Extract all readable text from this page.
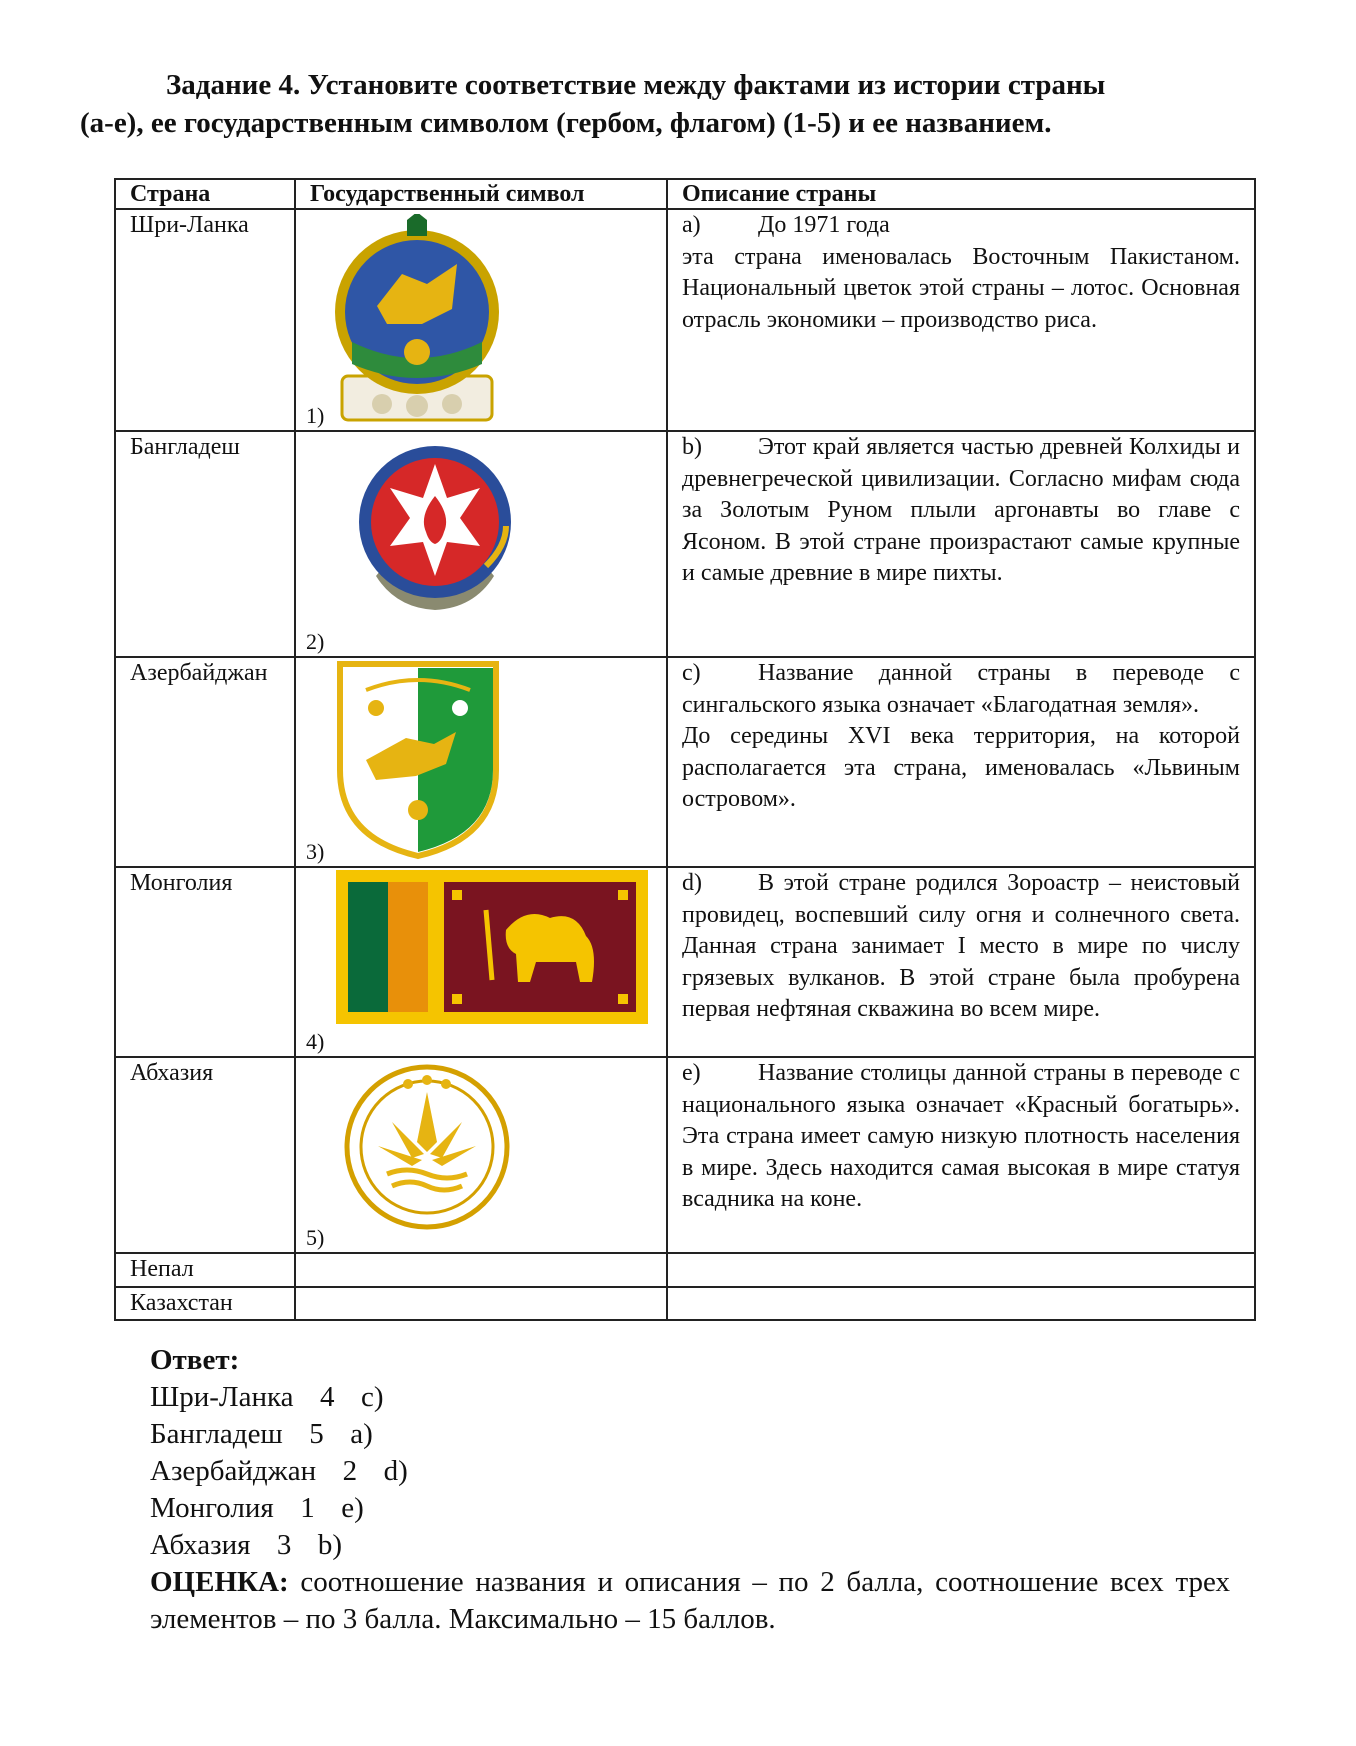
Задание 4. Установите соответствие между фактами из истории страны
(a-e), ее государственным символом (гербом, флагом) (1-5) и ее названием.
Страна	Государственный символ	Описание страны
Шри-Ланка	1)	a) До 1971 года
эта страна именовалась Восточным Пакистаном. Национальный цветок этой страны – лотос. Основная отрасль экономики – производство риса.
Бангладеш	2)	b) Этот край является частью древней Колхиды и древнегреческой цивилизации. Согласно мифам сюда за Золотым Руном плыли аргонавты во главе с Ясоном. В этой стране произрастают самые крупные и самые древние в мире пихты.
Азербайджан	3)	c) Название данной страны в переводе с сингальского языка означает «Благодатная земля».
До середины XVI века территория, на которой располагается эта страна, именовалась «Львиным островом».
Монголия	4)	d) В этой стране родился Зороастр – неистовый провидец, воспевший силу огня и солнечного света. Данная страна занимает I место в мире по числу грязевых вулканов. В этой стране была пробурена первая нефтяная скважина во всем мире.
Абхазия	5)	e) Название столицы данной страны в переводе с национального языка означает «Красный богатырь». Эта страна имеет самую низкую плотность населения в мире. Здесь находится самая высокая в мире статуя всадника на коне.
Непал		
Казахстан		
Ответ:
Шри-Ланка  4  c)
Бангладеш  5  a)
Азербайджан  2  d)
Монголия  1  e)
Абхазия  3  b)
ОЦЕНКА: соотношение названия и описания – по 2 балла, соотношение всех трех элементов – по 3 балла. Максимально – 15 баллов.
